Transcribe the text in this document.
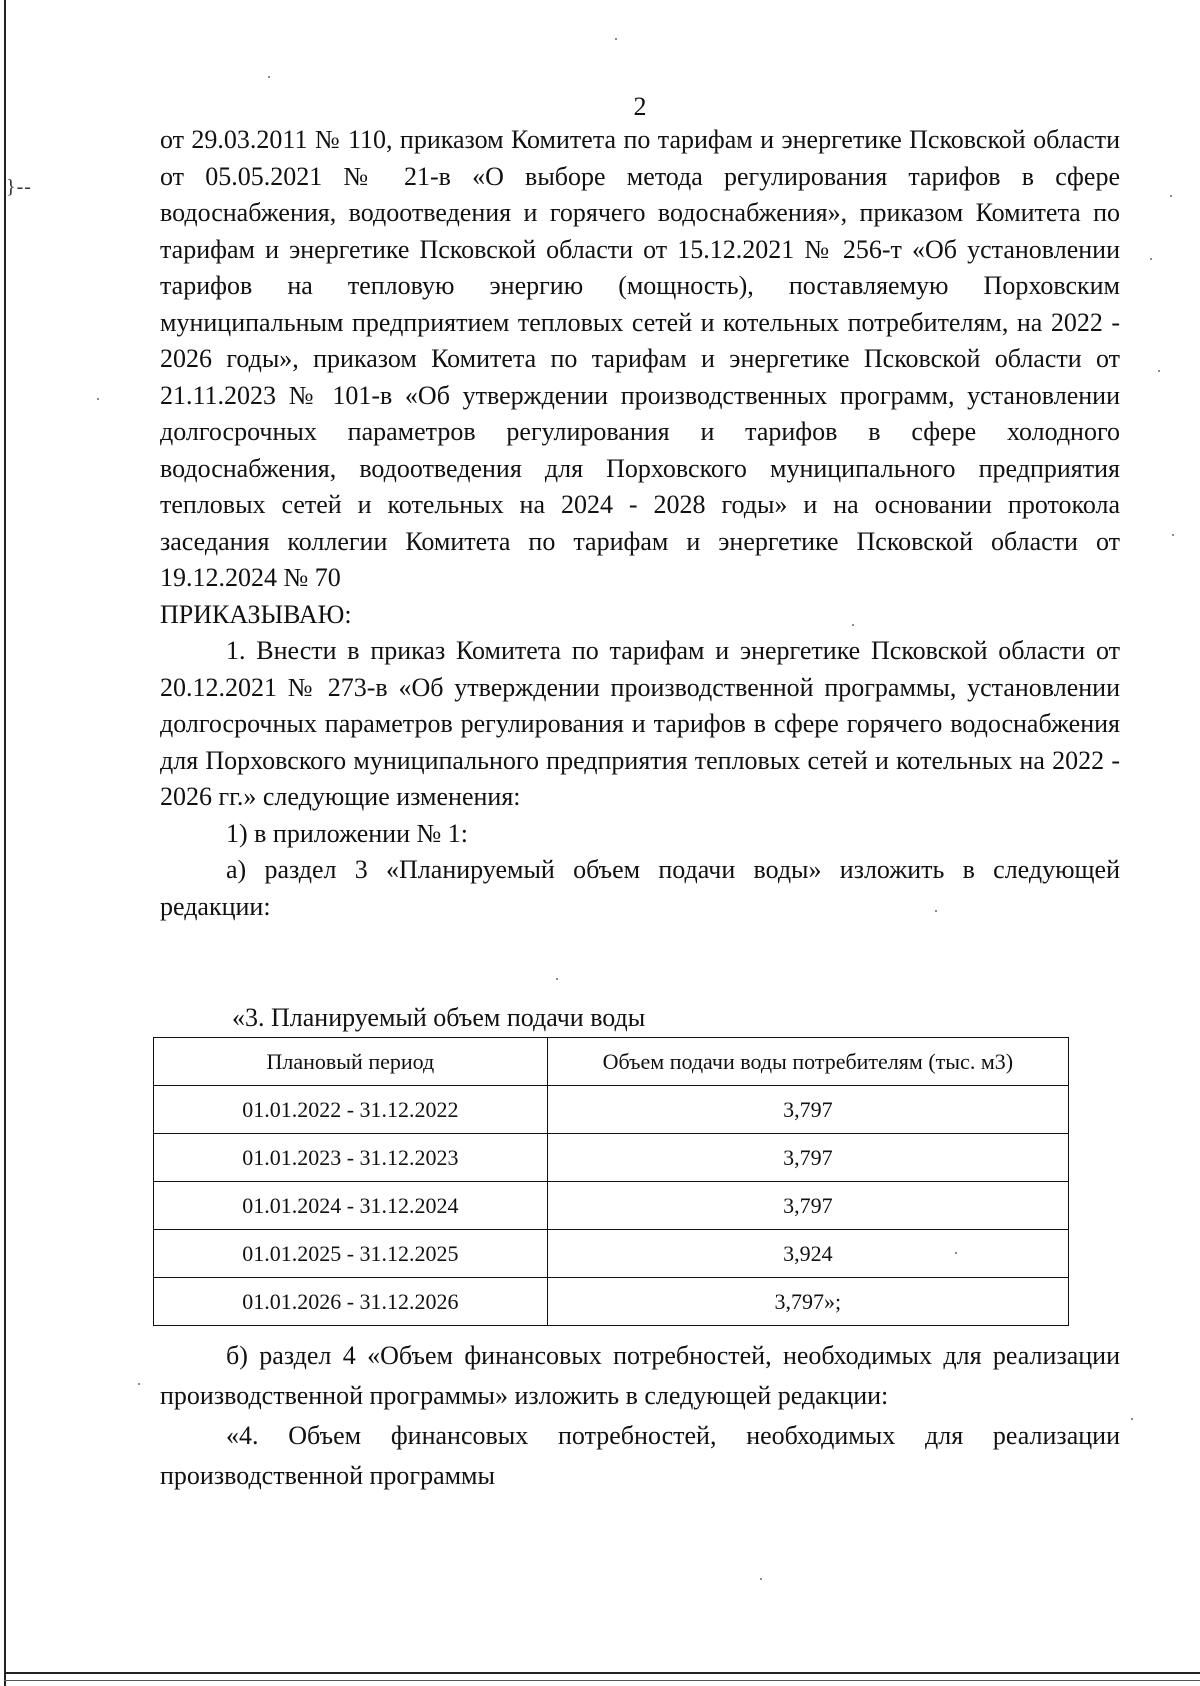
}--
2

от 29.03.2011 № 110, приказом Комитета по тарифам и энергетике Псковской области от 05.05.2021 № 21-в «О выборе метода регулирования тарифов в сфере водоснабжения, водоотведения и горячего водоснабжения», приказом Комитета по тарифам и энергетике Псковской области от 15.12.2021 № 256-т «Об установлении тарифов на тепловую энергию (мощность), поставляемую Порховским муниципальным предприятием тепловых сетей и котельных потребителям, на 2022 - 2026 годы», приказом Комитета по тарифам и энергетике Псковской области от 21.11.2023 № 101-в «Об утверждении производственных программ, установлении долгосрочных параметров регулирования и тарифов в сфере холодного водоснабжения, водоотведения для Порховского муниципального предприятия тепловых сетей и котельных на 2024 - 2028 годы» и на основании протокола заседания коллегии Комитета по тарифам и энергетике Псковской области от 19.12.2024 № 70

ПРИКАЗЫВАЮ:

1. Внести в приказ Комитета по тарифам и энергетике Псковской области от 20.12.2021 № 273-в «Об утверждении производственной программы, установлении долгосрочных параметров регулирования и тарифов в сфере горячего водоснабжения для Порховского муниципального предприятия тепловых сетей и котельных на 2022 - 2026 гг.» следующие изменения:

1) в приложении № 1:

а) раздел 3 «Планируемый объем подачи воды» изложить в следующей редакции:

«3. Планируемый объем подачи воды
Плановый период	Объем подачи воды потребителям (тыс. м3)
01.01.2022 - 31.12.2022	3,797
01.01.2023 - 31.12.2023	3,797
01.01.2024 - 31.12.2024	3,797
01.01.2025 - 31.12.2025	3,924
01.01.2026 - 31.12.2026	3,797»;

б) раздел 4 «Объем финансовых потребностей, необходимых для реализации производственной программы» изложить в следующей редакции:

«4. Объем финансовых потребностей, необходимых для реализации производственной программы
